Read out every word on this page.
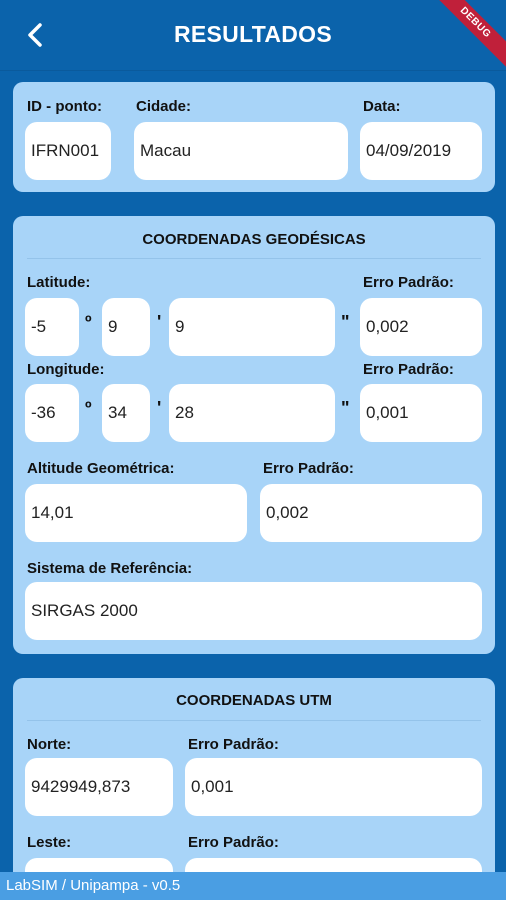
RESULTADOS	DEBUG
ID - ponto: Cidade:	Data:
IFRN001	Macau	04/09/2019
COORDENADAS GEODÉSICAS
Latitude:	Erro Padrão:
-5	º 9	' 9	" 0,002
Longitude:	Erro Padrão:
-36	º 34	' 28	" 0,001
Altitude Geométrica:	Erro Padrão:
14,01	0,002
Sistema de Referência:
SIRGAS 2000
COORDENADAS UTM
Norte:	Erro Padrão:
9429949,873	0,001
Leste:	Erro Padrão:
LabSIM / Unipampa - v0.5
